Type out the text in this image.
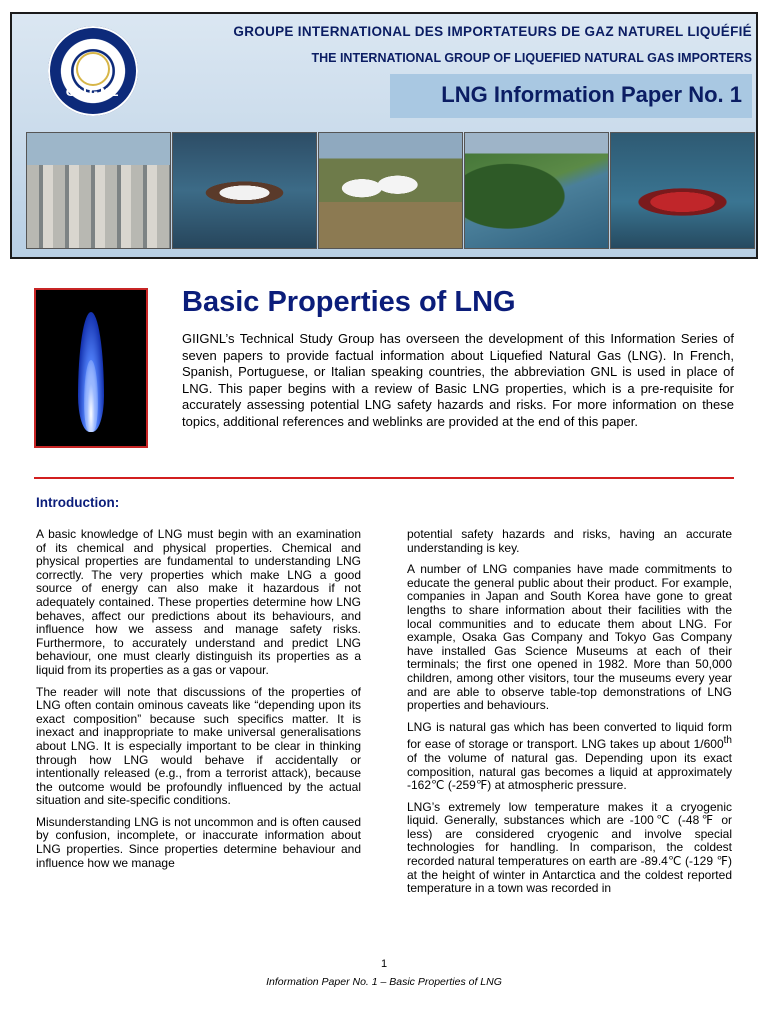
GIIGNL
GROUPE INTERNATIONAL DES IMPORTATEURS DE GAZ NATUREL LIQUÉFIÉ
THE INTERNATIONAL GROUP OF LIQUEFIED NATURAL GAS IMPORTERS
LNG Information Paper No. 1
Basic Properties of LNG

GIIGNL’s Technical Study Group has overseen the development of this Information Series of seven papers to provide factual information about Liquefied Natural Gas (LNG). In French, Spanish, Portuguese, or Italian speaking countries, the abbreviation GNL is used in place of LNG. This paper begins with a review of Basic LNG properties, which is a pre-requisite for accurately assessing potential LNG safety hazards and risks. For more information on these topics, additional references and weblinks are provided at the end of this paper.

Introduction:

A basic knowledge of LNG must begin with an examination of its chemical and physical properties. Chemical and physical properties are fundamental to understanding LNG correctly. The very properties which make LNG a good source of energy can also make it hazardous if not adequately contained. These properties determine how LNG behaves, affect our predictions about its behaviours, and influence how we assess and manage safety risks. Furthermore, to accurately understand and predict LNG behaviour, one must clearly distinguish its properties as a liquid from its properties as a gas or vapour.

The reader will note that discussions of the properties of LNG often contain ominous caveats like “depending upon its exact composition” because such specifics matter. It is inexact and inappropriate to make universal generalisations about LNG. It is especially important to be clear in thinking through how LNG would behave if accidentally or intentionally released (e.g., from a terrorist attack), because the outcome would be profoundly influenced by the actual situation and site-specific conditions.

Misunderstanding LNG is not uncommon and is often caused by confusion, incomplete, or inaccurate information about LNG properties. Since properties determine behaviour and influence how we manage

potential safety hazards and risks, having an accurate understanding is key.

A number of LNG companies have made commitments to educate the general public about their product. For example, companies in Japan and South Korea have gone to great lengths to share information about their facilities with the local communities and to educate them about LNG. For example, Osaka Gas Company and Tokyo Gas Company have installed Gas Science Museums at each of their terminals; the first one opened in 1982. More than 50,000 children, among other visitors, tour the museums every year and are able to observe table-top demonstrations of LNG properties and behaviours.

LNG is natural gas which has been converted to liquid form for ease of storage or transport. LNG takes up about 1/600th of the volume of natural gas. Depending upon its exact composition, natural gas becomes a liquid at approximately -162℃ (-259℉) at atmospheric pressure.

LNG’s extremely low temperature makes it a cryogenic liquid. Generally, substances which are -100℃ (-48℉ or less) are considered cryogenic and involve special technologies for handling. In comparison, the coldest recorded natural temperatures on earth are -89.4℃ (-129 ℉) at the height of winter in Antarctica and the coldest reported temperature in a town was recorded in

1
Information Paper No. 1 – Basic Properties of LNG
